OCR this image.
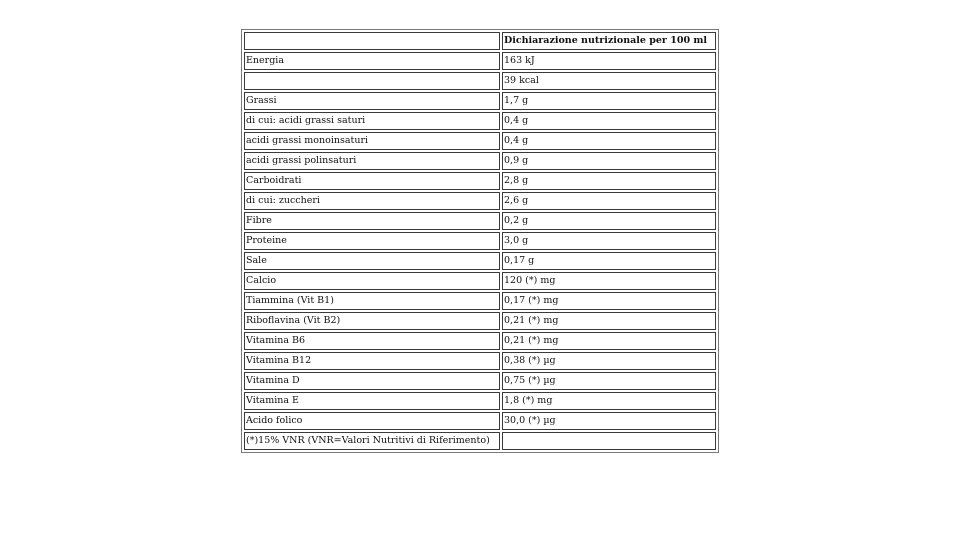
	Dichiarazione nutrizionale per 100 ml
Energia	163 kJ
	39 kcal
Grassi	1,7 g
di cui: acidi grassi saturi	0,4 g
acidi grassi monoinsaturi	0,4 g
acidi grassi polinsaturi	0,9 g
Carboidrati	2,8 g
di cui: zuccheri	2,6 g
Fibre	0,2 g
Proteine	3,0 g
Sale	0,17 g
Calcio	120 (*) mg
Tiammina (Vit B1)	0,17 (*) mg
Riboflavina (Vit B2)	0,21 (*) mg
Vitamina B6	0,21 (*) mg
Vitamina B12	0,38 (*) µg
Vitamina D	0,75 (*) µg
Vitamina E	1,8 (*) mg
Acido folico	30,0 (*) µg
(*)15% VNR (VNR=Valori Nutritivi di Riferimento)	
